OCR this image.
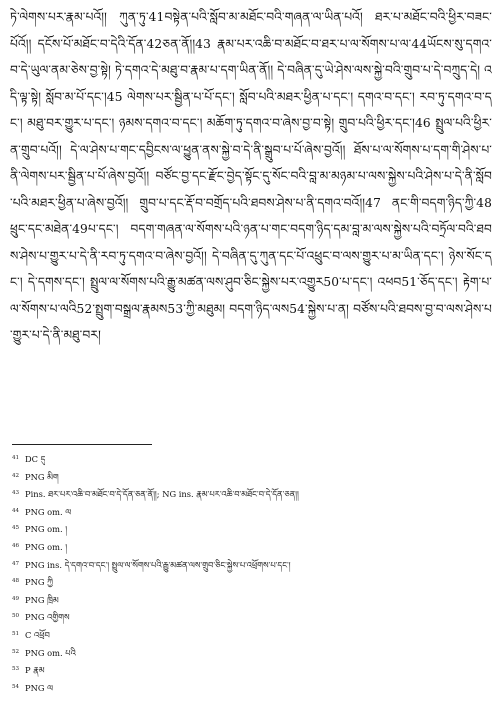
ཏེ་ལེགས་པར་རྣམ་པའོ།། ཀུན་ཏུ་41བསྟེན་པའི་སློབ་མ་མཐོང་བའི་གཞན་ལ་ཡིན་པའོ། ཐར་པ་མཐོང་བའི་ཕྱིར་བཟང་པོའོ།། དངོས་པོ་མཐོང་བ་དེའི་དོན་42ཅན་ནོ།།43 རྣམ་པར་འཆི་བ་མཐོང་བ་ཐར་པ་ལ་སོགས་པ་ལ་44ཡོངས་སུ་དགའ་བ་དེ་ཡུལ་ནམ་ཅེས་བྱ་སྟེ། ཏེ་དགའ་དེ་མཐུ་བ་རྣམ་པ་དག་ཡིན་ནོ།། དེ་བཞིན་དུ་ཡེ་ཤེས་ལས་སྐྱེ་བའི་གྲུབ་པ་དེ་བཀྲུད་དེ། འདི་ལྟ་སྟེ། སློབ་མ་པོ་དང་།45 ལེགས་པར་སྦྱིན་པ་པོ་དང་། སློབ་པའི་མཐར་ཕྱིན་པ་དང་། དགའ་བ་དང་། རབ་ཏུ་དགའ་བ་དང་། མཐུ་བར་གྱུར་པ་དང་། ཉམས་དགའ་བ་དང་། མཆོག་ཏུ་དགའ་བ་ཞེས་བྱ་བ་སྟེ། གྲུབ་པའི་ཕྱིར་དང་།46 སྤྲུལ་པའི་ཕྱིར་ན་གྲུབ་པའོ།། དེ་ལ་ཤེས་པ་གང་དབྱིངས་ལ་ཕྱུན་ནས་སྐྱེ་བ་དེ་ནི་སྒྲུབ་པ་པོ་ཞེས་བྱའོ།། ཐོས་པ་ལ་སོགས་པ་དག་གི་ཤེས་པ་ནི་ལེགས་པར་སྦྱིན་པ་པོ་ཞེས་བྱའོ།། བཙོང་བྱ་དང་རྫོང་བྱེད་སྟོང་དུ་སོང་བའི་བླ་མ་མཉམ་པ་ལས་སྐྱེས་པའི་ཤེས་པ་དེ་ནི་སློབ་པའི་མཐར་ཕྱིན་པ་ཞེས་བྱའོ།། གྲུབ་པ་དང་རྡོ་བ་བགྲོད་པའི་ཐབས་ཤེས་པ་ནི་དགའ་བའོ།།47 ནང་གི་བདག་ཉིད་ཀྱི་48ཕྲུང་དང་མཐེན་49པ་དང་། བདག་གཞན་ལ་སོགས་པའི་ཉན་པ་གང་བདག་ཉིད་དམ་བླ་མ་ལས་སྐྱེས་པའི་བཏྲོལ་བའི་ཐབས་ཤེས་པ་གྱུར་པ་དེ་ནི་རབ་ཏུ་དགའ་བ་ཞེས་བྱའོ།། དེ་བཞིན་དུ་ཀུན་དང་པོ་འཕྲུང་བ་ལས་གྱུར་པ་མ་ཡིན་དང་། ཉེས་སོང་དང་། དེ་དགས་དང་། སྤྲུལ་ལ་སོགས་པའི་རྒྱུ་མཚན་ལས་ཤུབ་ཅིང་སྐྱེས་པར་འགྱུར50་པ་དང་། འཕབ51་ཅོད་དང་། རྟེག་པ་ལ་སོགས་པ་ལའི52་སྤྲུག་བསྒྲལ་རྣམས53་ཀྱི་མཐུམ། བདག་ཉིད་ལས54་སྐྱེས་པ་ན། བཙོས་པའི་ཐབས་བྱ་བ་ལས་ཤེས་པ་གྱུར་པ་དེ་ནི་མཐུ་བར།

41 DC དུ
42 PNG མིག
43 Pins. ཐར་པར་འཆི་བ་མཐོང་བ་དེ་དོན་ཅན་ནོ།།; NG ins. རྣམ་པར་འཆི་བ་མཐོང་བ་དེ་དོན་ཅན།།
44 PNG om. ལ
45 PNG om. །
46 PNG om. །
47 PNG ins. དེ་དགའ་བ་དང་། སྤྲུལ་ལ་སོགས་པའི་རྒྱུ་མཚན་ལས་གྲུབ་ཅིང་སྐྱེས་པ་འཕྲོགས་པ་དང་།
48 PNG ཀྱི
49 PNG ཁྲིམ
50 PNG འགྱིགས
51 C འཕྲོབ
52 PNG om. པའི
53 P རྣམ
54 PNG ལ
